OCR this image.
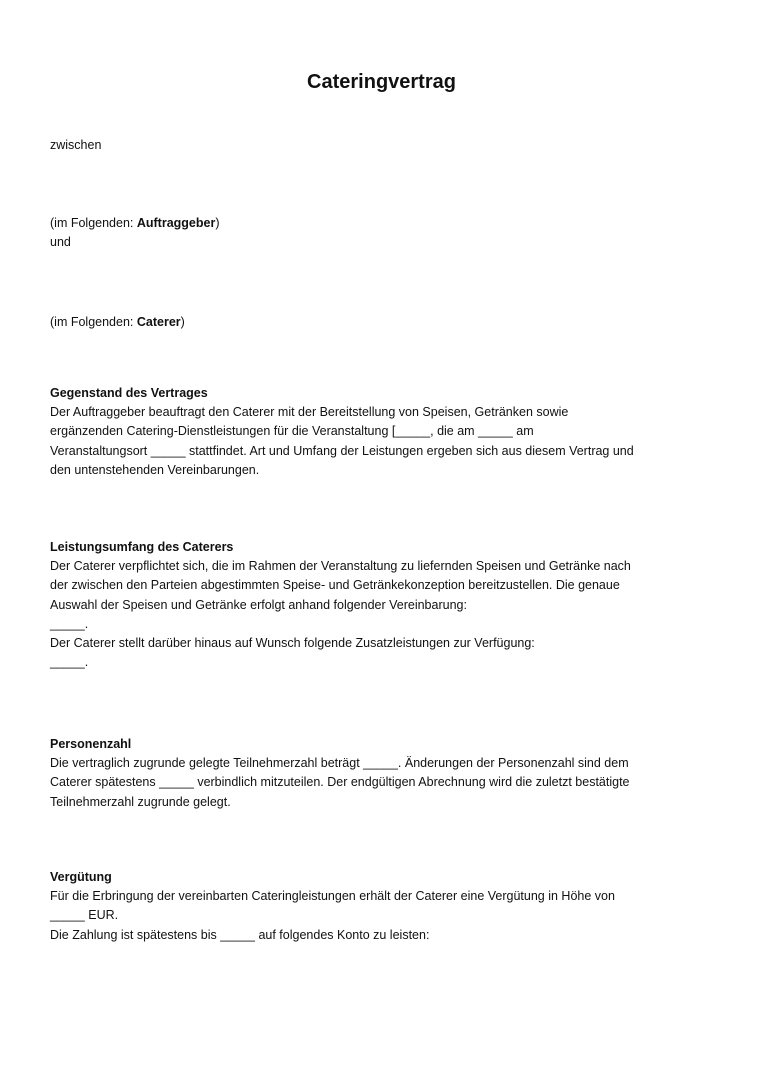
Cateringvertrag
zwischen
(im Folgenden: Auftraggeber)
und
(im Folgenden: Caterer)
Gegenstand des Vertrages
Der Auftraggeber beauftragt den Caterer mit der Bereitstellung von Speisen, Getränken sowie
ergänzenden Catering-Dienstleistungen für die Veranstaltung [_____, die am _____ am
Veranstaltungsort _____ stattfindet. Art und Umfang der Leistungen ergeben sich aus diesem Vertrag und
den untenstehenden Vereinbarungen.
Leistungsumfang des Caterers
Der Caterer verpflichtet sich, die im Rahmen der Veranstaltung zu liefernden Speisen und Getränke nach
der zwischen den Parteien abgestimmten Speise- und Getränkekonzeption bereitzustellen. Die genaue
Auswahl der Speisen und Getränke erfolgt anhand folgender Vereinbarung:
_____.
Der Caterer stellt darüber hinaus auf Wunsch folgende Zusatzleistungen zur Verfügung:
_____.
Personenzahl
Die vertraglich zugrunde gelegte Teilnehmerzahl beträgt _____. Änderungen der Personenzahl sind dem
Caterer spätestens _____ verbindlich mitzuteilen. Der endgültigen Abrechnung wird die zuletzt bestätigte
Teilnehmerzahl zugrunde gelegt.
Vergütung
Für die Erbringung der vereinbarten Cateringleistungen erhält der Caterer eine Vergütung in Höhe von
_____ EUR.
Die Zahlung ist spätestens bis _____ auf folgendes Konto zu leisten:
